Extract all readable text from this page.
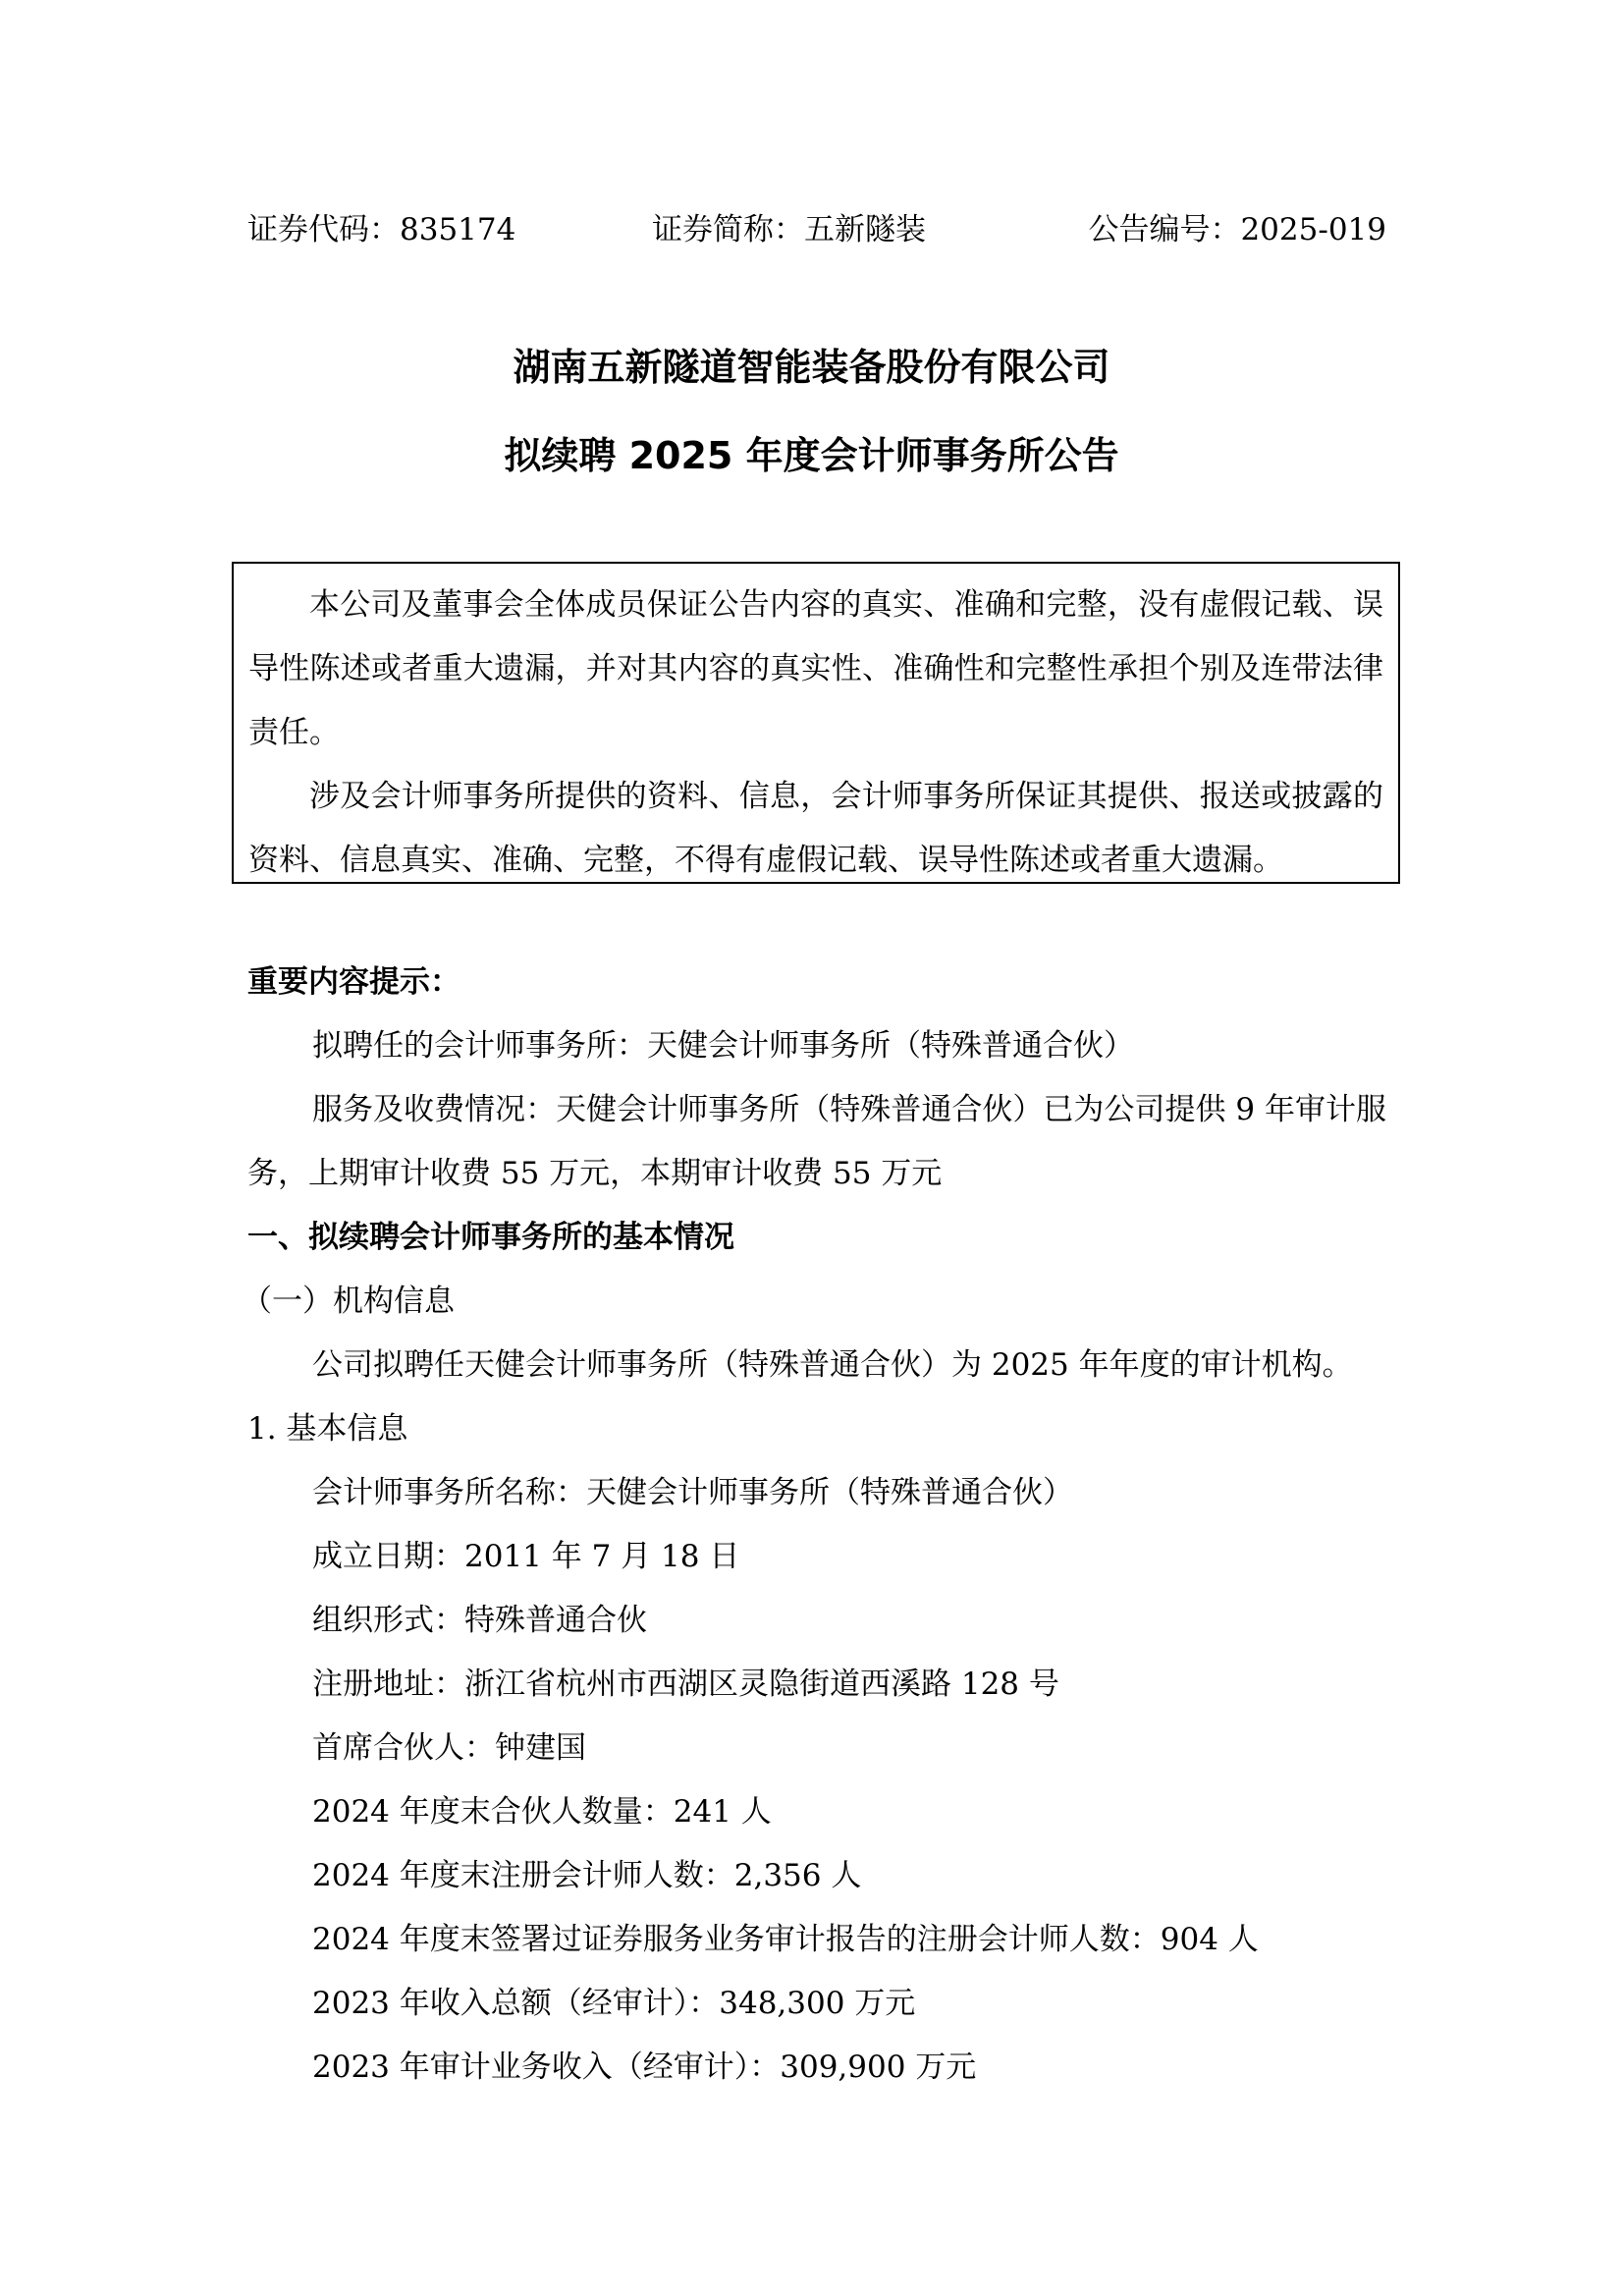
证券代码：835174	证券简称：五新隧装	公告编号：2025-019
湖南五新隧道智能装备股份有限公司
拟续聘 2025 年度会计师事务所公告

本公司及董事会全体成员保证公告内容的真实、准确和完整，没有虚假记载、误导性陈述或者重大遗漏，并对其内容的真实性、准确性和完整性承担个别及连带法律责任。

涉及会计师事务所提供的资料、信息，会计师事务所保证其提供、报送或披露的资料、信息真实、准确、完整，不得有虚假记载、误导性陈述或者重大遗漏。

重要内容提示：

拟聘任的会计师事务所：天健会计师事务所（特殊普通合伙）

服务及收费情况：天健会计师事务所（特殊普通合伙）已为公司提供 9 年审计服务，上期审计收费 55 万元，本期审计收费 55 万元

一、拟续聘会计师事务所的基本情况

（一）机构信息

公司拟聘任天健会计师事务所（特殊普通合伙）为 2025 年年度的审计机构。

1. 基本信息

会计师事务所名称：天健会计师事务所（特殊普通合伙）

成立日期：2011 年 7 月 18 日

组织形式：特殊普通合伙

注册地址：浙江省杭州市西湖区灵隐街道西溪路 128 号

首席合伙人：钟建国

2024 年度末合伙人数量：241 人

2024 年度末注册会计师人数：2,356 人

2024 年度末签署过证券服务业务审计报告的注册会计师人数：904 人

2023 年收入总额（经审计）：348,300 万元

2023 年审计业务收入（经审计）：309,900 万元
